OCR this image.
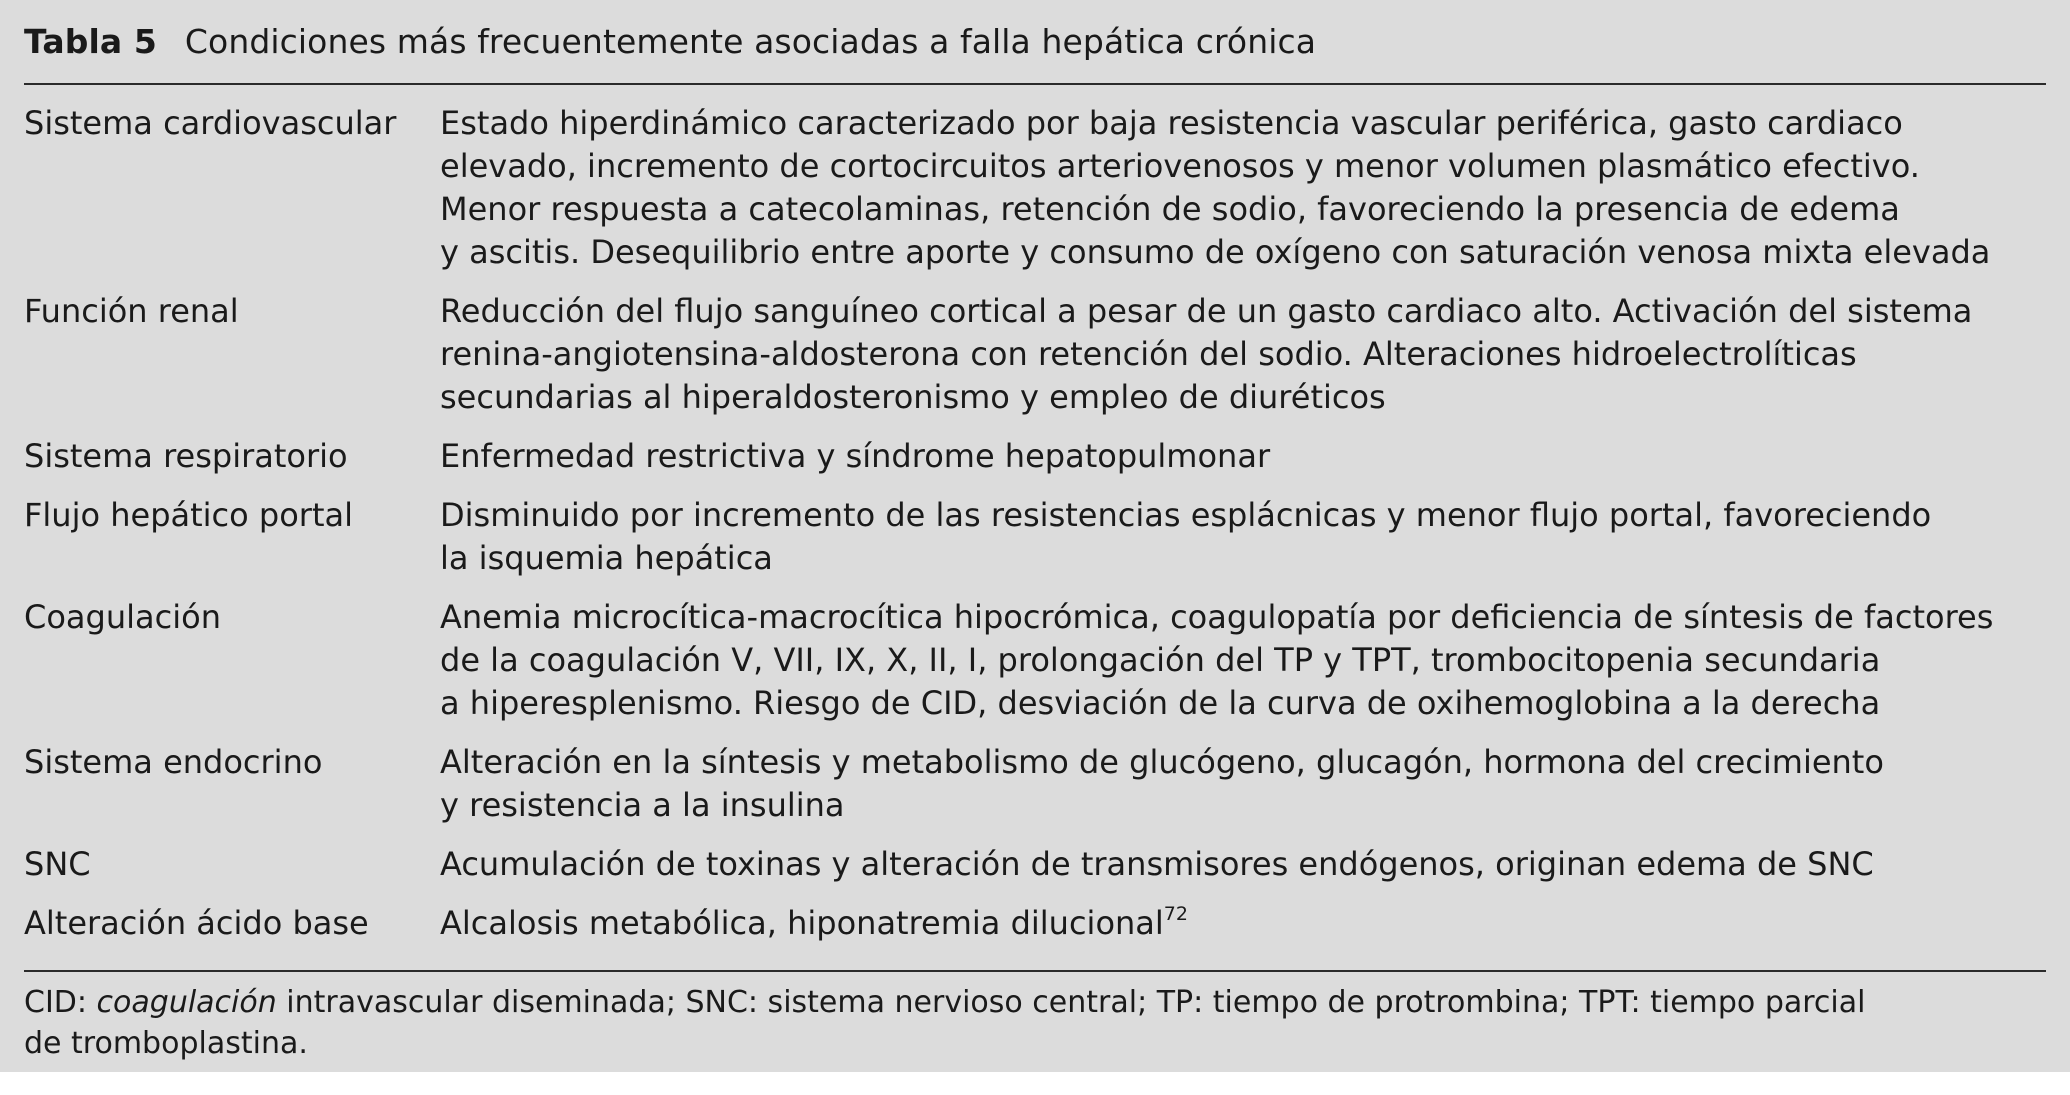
Tabla 5 Condiciones más frecuentemente asociadas a falla hepática crónica
Sistema cardiovascular	Estado hiperdinámico caracterizado por baja resistencia vascular periférica, gasto cardiaco
elevado, incremento de cortocircuitos arteriovenosos y menor volumen plasmático efectivo.
Menor respuesta a catecolaminas, retención de sodio, favoreciendo la presencia de edema
y ascitis. Desequilibrio entre aporte y consumo de oxígeno con saturación venosa mixta elevada
Función renal	Reducción del flujo sanguíneo cortical a pesar de un gasto cardiaco alto. Activación del sistema
renina-angiotensina-aldosterona con retención del sodio. Alteraciones hidroelectrolíticas
secundarias al hiperaldosteronismo y empleo de diuréticos
Sistema respiratorio	Enfermedad restrictiva y síndrome hepatopulmonar
Flujo hepático portal	Disminuido por incremento de las resistencias esplácnicas y menor flujo portal, favoreciendo
la isquemia hepática
Coagulación	Anemia microcítica-macrocítica hipocrómica, coagulopatía por deficiencia de síntesis de factores
de la coagulación V, VII, IX, X, II, I, prolongación del TP y TPT, trombocitopenia secundaria
a hiperesplenismo. Riesgo de CID, desviación de la curva de oxihemoglobina a la derecha
Sistema endocrino	Alteración en la síntesis y metabolismo de glucógeno, glucagón, hormona del crecimiento
y resistencia a la insulina
SNC	Acumulación de toxinas y alteración de transmisores endógenos, originan edema de SNC
Alteración ácido base	Alcalosis metabólica, hiponatremia dilucional$^{72}$
CID: coagulación intravascular diseminada; SNC: sistema nervioso central; TP: tiempo de protrombina; TPT: tiempo parcial
de tromboplastina.
